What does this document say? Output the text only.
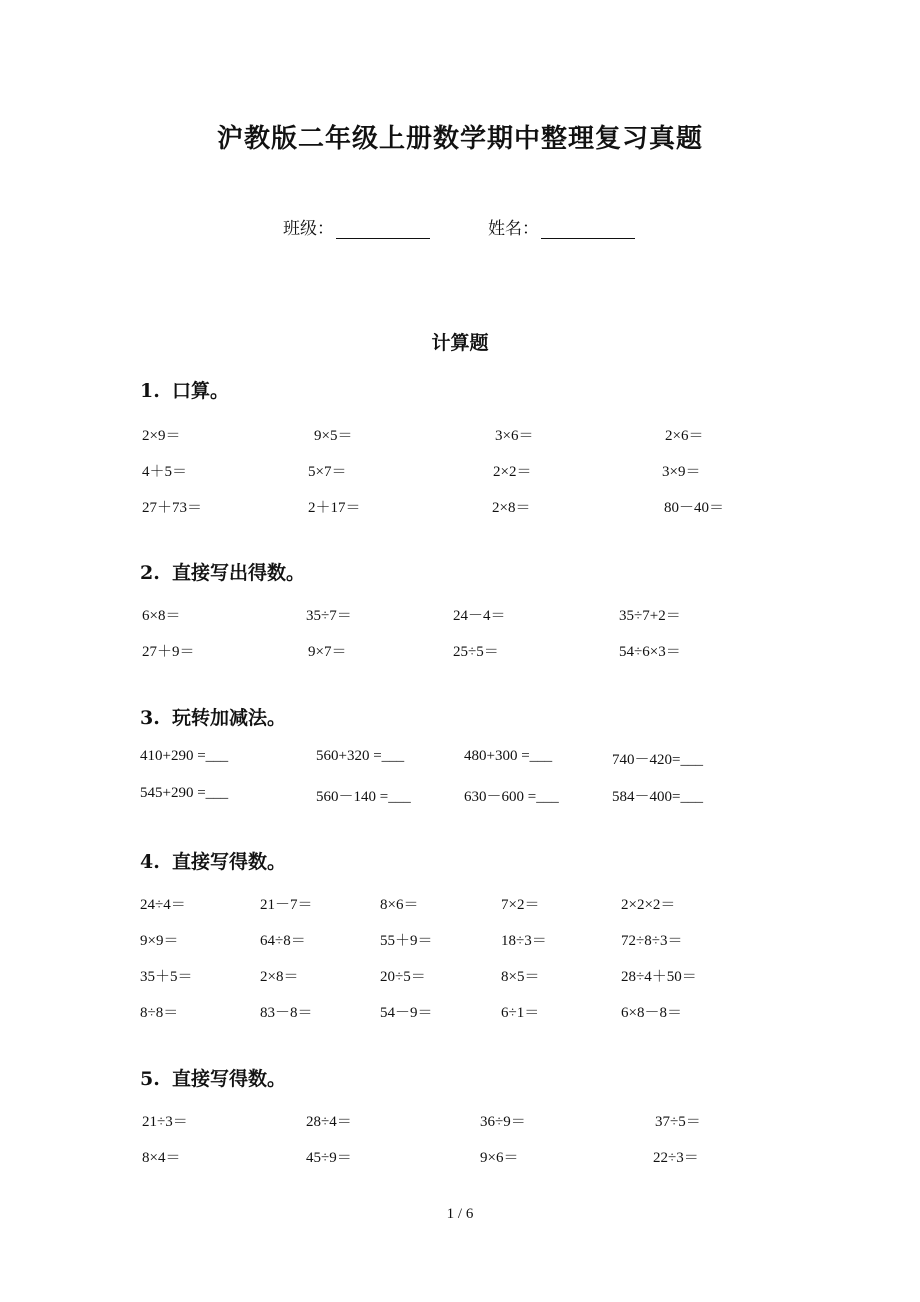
沪教版二年级上册数学期中整理复习真题
班级：	姓名：
计算题
1. 口算。
2×9＝	9×5＝	3×6＝	2×6＝
4＋5＝	5×7＝	2×2＝	3×9＝
27＋73＝	2＋17＝	2×8＝	80－40＝
2. 直接写出得数。
6×8＝	35÷7＝	24－4＝	35÷7+2＝
27＋9＝	9×7＝	25÷5＝	54÷6×3＝
3. 玩转加减法。
410+290 =___	560+320 =___	480+300 =___	740－420=___
545+290 =___	560－140 =___	630－600 =___	584－400=___
4. 直接写得数。
24÷4＝	21－7＝	8×6＝	7×2＝	2×2×2＝
9×9＝	64÷8＝	55＋9＝	18÷3＝	72÷8÷3＝
35＋5＝	2×8＝	20÷5＝	8×5＝	28÷4＋50＝
8÷8＝	83－8＝	54－9＝	6÷1＝	6×8－8＝
5. 直接写得数。
21÷3＝	28÷4＝	36÷9＝	37÷5＝
8×4＝	45÷9＝	9×6＝	22÷3＝
1 / 6
